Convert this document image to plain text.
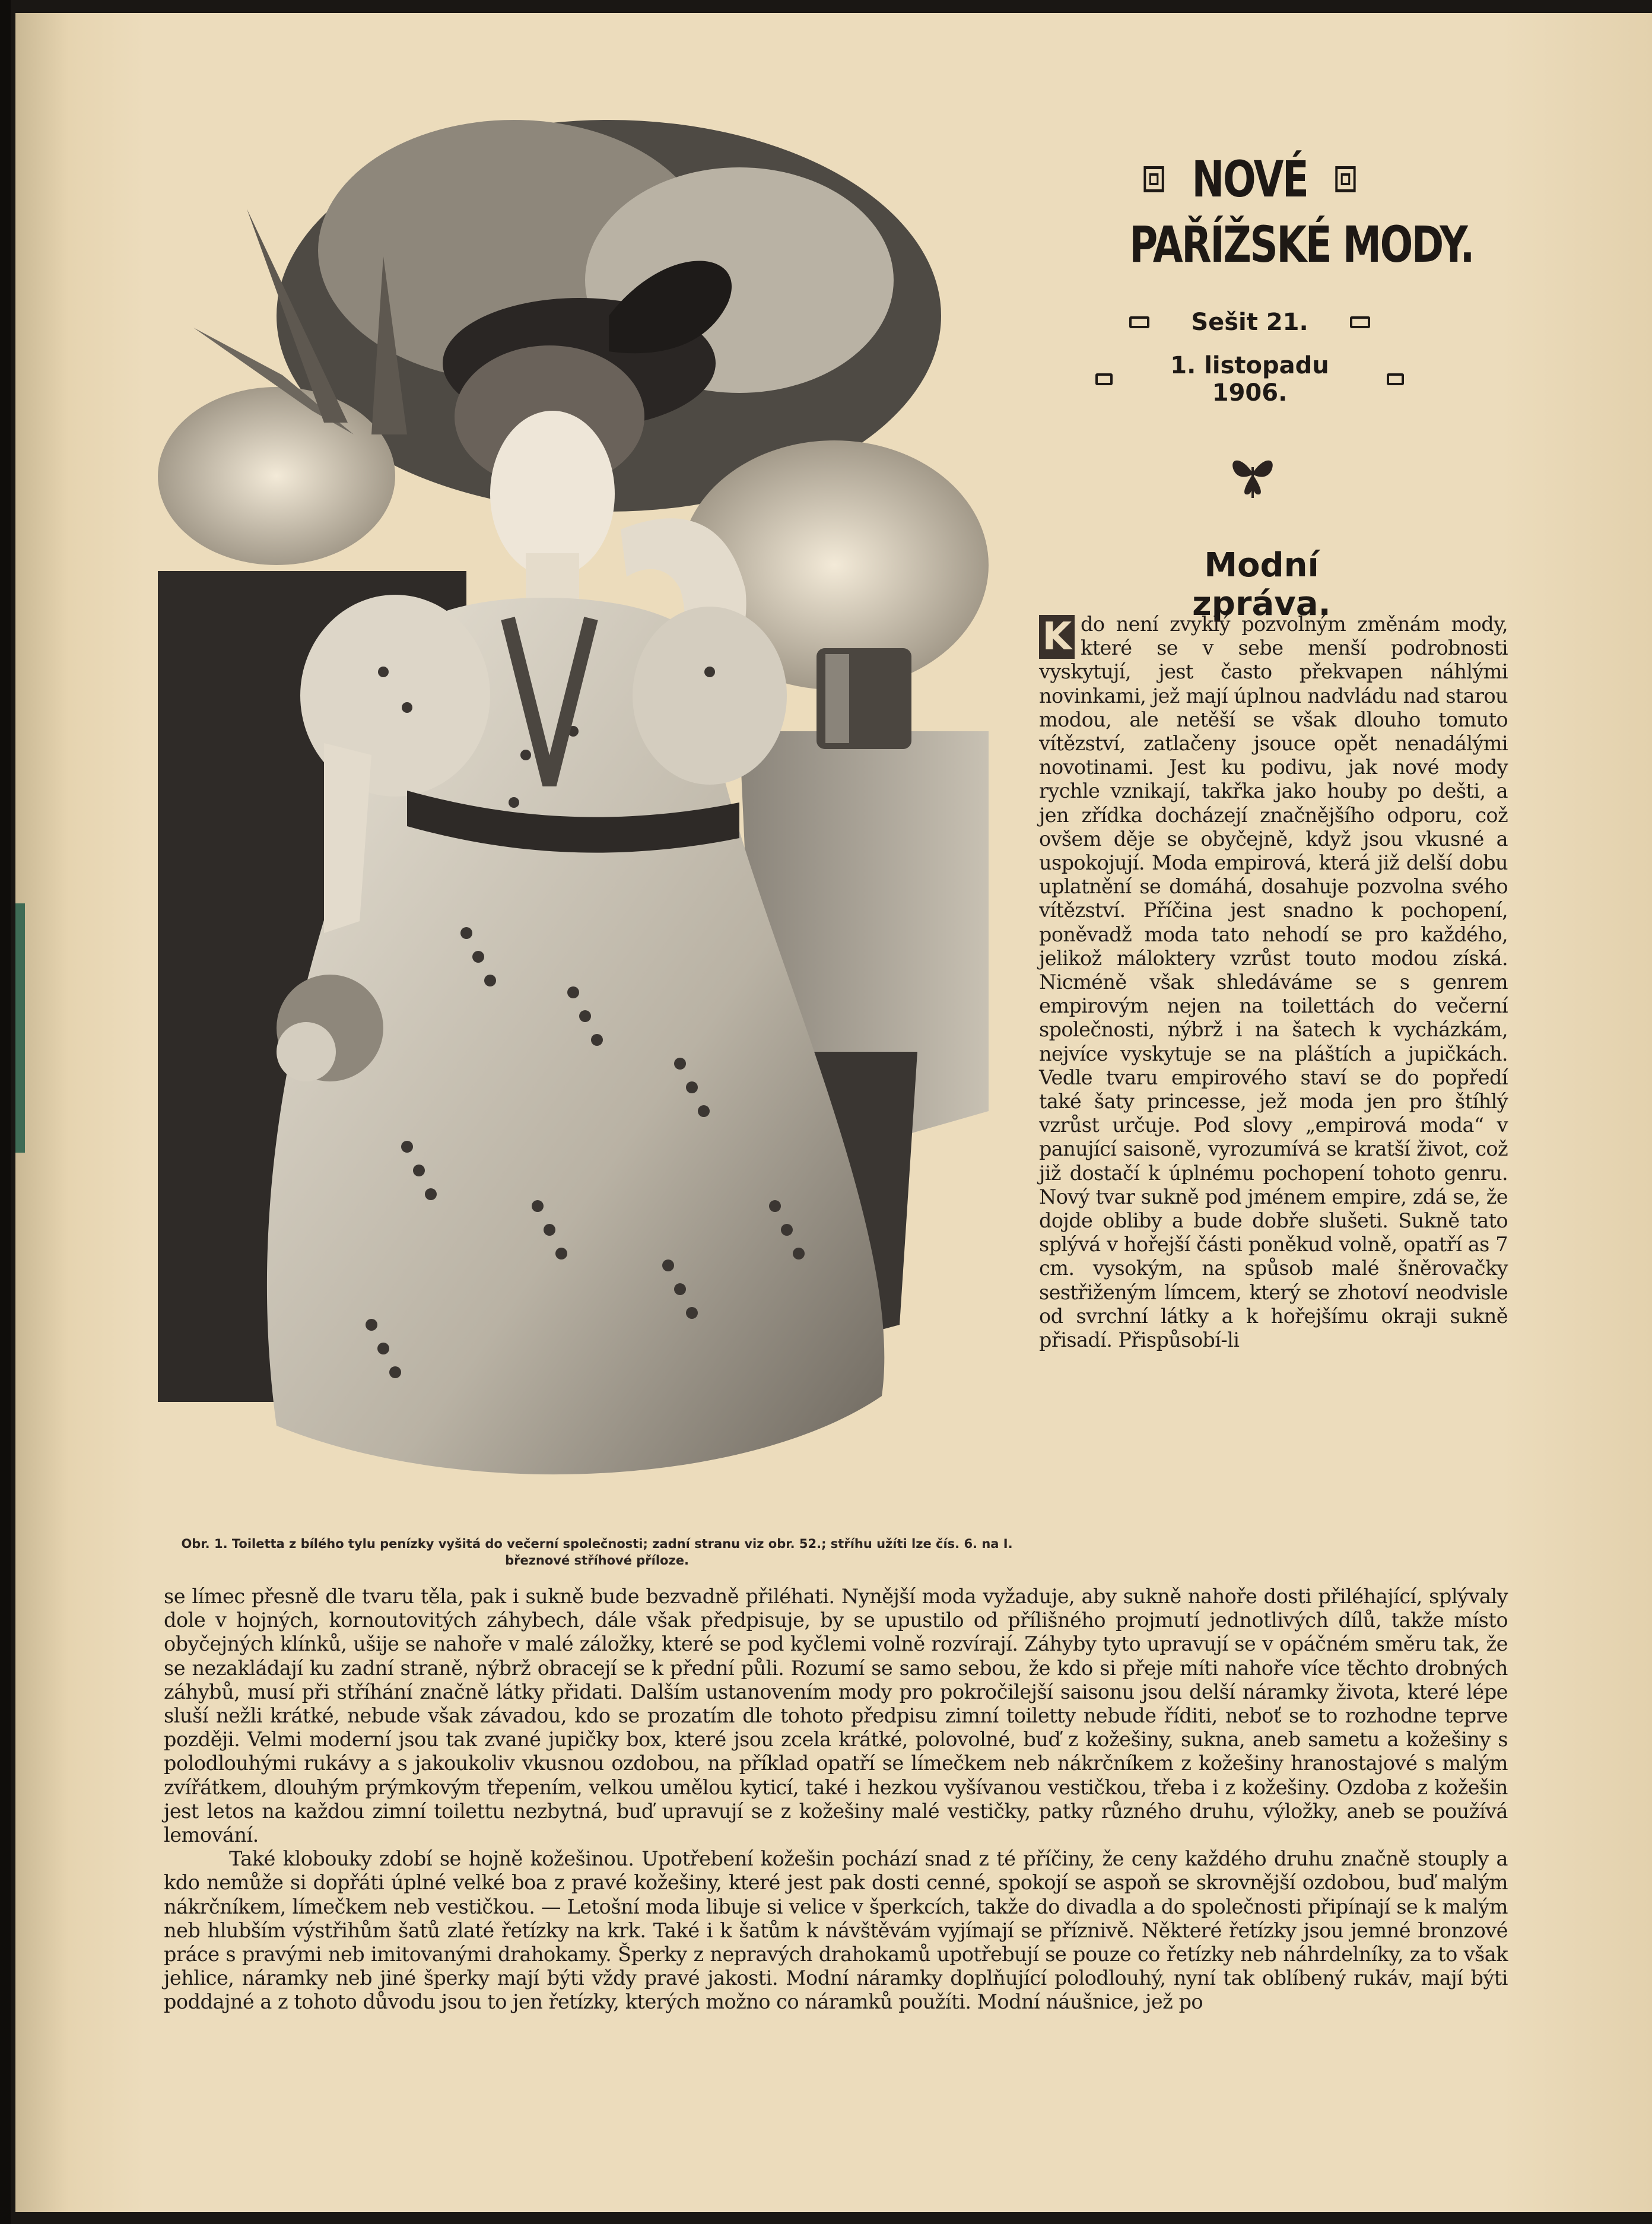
Obr. 1. Toiletta z bílého tylu penízky vyšitá do večerní společnosti; zadní stranu viz obr. 52.; stříhu užíti lze čís. 6. na I. březnové stříhové příloze.
NOVÉ
PAŘÍŽSKÉ MODY.
Sešit 21.
1. listopadu 1906.
Modní zpráva.
K do není zvyklý pozvolným změnám mody, které se v sebe menší podrobnosti vyskytují, jest často překvapen náhlými novinkami, jež mají úplnou nadvládu nad starou modou, ale netěší se však dlouho tomuto vítězství, zatlačeny jsouce opět nenadálými novotinami. Jest ku podivu, jak nové mody rychle vznikají, takřka jako houby po dešti, a jen zřídka docházejí značnějšího odporu, což ovšem děje se obyčejně, když jsou vkusné a uspokojují. Moda empirová, která již delší dobu uplatnění se domáhá, dosahuje pozvolna svého vítězství. Příčina jest snadno k pochopení, poněvadž moda tato nehodí se pro každého, jelikož máloktery vzrůst touto modou získá. Nicméně však shledáváme se s genrem empirovým nejen na toilettách do večerní společnosti, nýbrž i na šatech k vycházkám, nejvíce vyskytuje se na pláštích a jupičkách. Vedle tvaru empirového staví se do popředí také šaty princesse, jež moda jen pro štíhlý vzrůst určuje. Pod slovy „empirová moda“ v panující saisoně, vyrozumívá se kratší život, což již dostačí k úplnému pochopení tohoto genru. Nový tvar sukně pod jménem empire, zdá se, že dojde obliby a bude dobře slušeti. Sukně tato splývá v hořejší části poněkud volně, opatří as 7 cm. vysokým, na spůsob malé šněrovačky sestřiženým límcem, který se zhotoví neodvisle od svrchní látky a k hořejšímu okraji sukně přisadí. Přispůsobí-li

se límec přesně dle tvaru těla, pak i sukně bude bezvadně přiléhati. Nynější moda vyžaduje, aby sukně nahoře dosti přiléhající, splývaly dole v hojných, kornoutovitých záhybech, dále však předpisuje, by se upustilo od přílišného projmutí jednotlivých dílů, takže místo obyčejných klínků, ušije se nahoře v malé záložky, které se pod kyčlemi volně rozvírají. Záhyby tyto upravují se v opáčném směru tak, že se nezakládají ku zadní straně, nýbrž obracejí se k přední půli. Rozumí se samo sebou, že kdo si přeje míti nahoře více těchto drobných záhybů, musí při stříhání značně látky přidati. Dalším ustanovením mody pro pokročilejší saisonu jsou delší náramky života, které lépe sluší nežli krátké, nebude však závadou, kdo se prozatím dle tohoto předpisu zimní toiletty nebude říditi, neboť se to rozhodne teprve později. Velmi moderní jsou tak zvané jupičky box, které jsou zcela krátké, polovolné, buď z kožešiny, sukna, aneb sametu a kožešiny s polodlouhými rukávy a s jakoukoliv vkusnou ozdobou, na příklad opatří se límečkem neb nákrčníkem z kožešiny hranostajové s malým zvířátkem, dlouhým prýmkovým třepením, velkou umělou kyticí, také i hezkou vyšívanou vestičkou, třeba i z kožešiny. Ozdoba z kožešin jest letos na každou zimní toilettu nezbytná, buď upravují se z kožešiny malé vestičky, patky různého druhu, výložky, aneb se používá lemování.

Také klobouky zdobí se hojně kožešinou. Upotřebení kožešin pochází snad z té příčiny, že ceny každého druhu značně stouply a kdo nemůže si dopřáti úplné velké boa z pravé kožešiny, které jest pak dosti cenné, spokojí se aspoň se skrovnější ozdobou, buď malým nákrčníkem, límečkem neb vestičkou. — Letošní moda libuje si velice v šperkcích, takže do divadla a do společnosti připínají se k malým neb hlubším výstřihům šatů zlaté řetízky na krk. Také i k šatům k návštěvám vyjímají se příznivě. Některé řetízky jsou jemné bronzové práce s pravými neb imitovanými drahokamy. Šperky z nepravých drahokamů upotřebují se pouze co řetízky neb náhrdelníky, za to však jehlice, náramky neb jiné šperky mají býti vždy pravé jakosti. Modní náramky doplňující polodlouhý, nyní tak oblíbený rukáv, mají býti poddajné a z tohoto důvodu jsou to jen řetízky, kterých možno co náramků použíti. Modní náušnice, jež po
